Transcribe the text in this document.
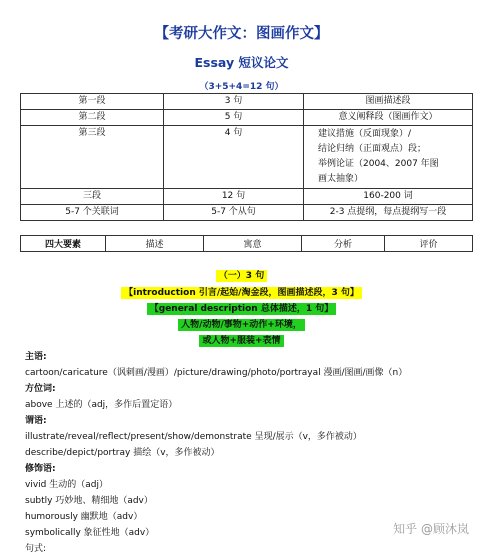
【考研大作文：图画作文】
Essay 短议论文
（3+5+4=12 句）
第一段	3 句	图画描述段
第二段	5 句	意义阐释段（图画作文）
第三段	4 句	建议措施（反面现象）/
结论归纳（正面观点）段；
举例论证（2004、2007 年图
画太抽象）

三段	12 句	160-200 词
5-7 个关联词	5-7 个从句	2-3 点提纲，每点提纲写一段
四大要素	描述	寓意	分析	评价
（一）3 句
【introduction 引言/起始/淘金段，图画描述段，3 句】
【general description 总体描述，1 句】
人物/动物/事物+动作+环境，
或人物+服装+表情
主语:
cartoon/caricature（讽刺画/漫画）/picture/drawing/photo/portrayal 漫画/图画/画像（n）
方位词:
above 上述的（adj，多作后置定语）
谓语:
illustrate/reveal/reflect/present/show/demonstrate 呈现/展示（v，多作被动）
describe/depict/portray 描绘（v，多作被动）
修饰语:
vivid 生动的（adj）
subtly 巧妙地、精细地（adv）
humorously 幽默地（adv）
symbolically 象征性地（adv）
句式:
知乎 @顾沐岚
